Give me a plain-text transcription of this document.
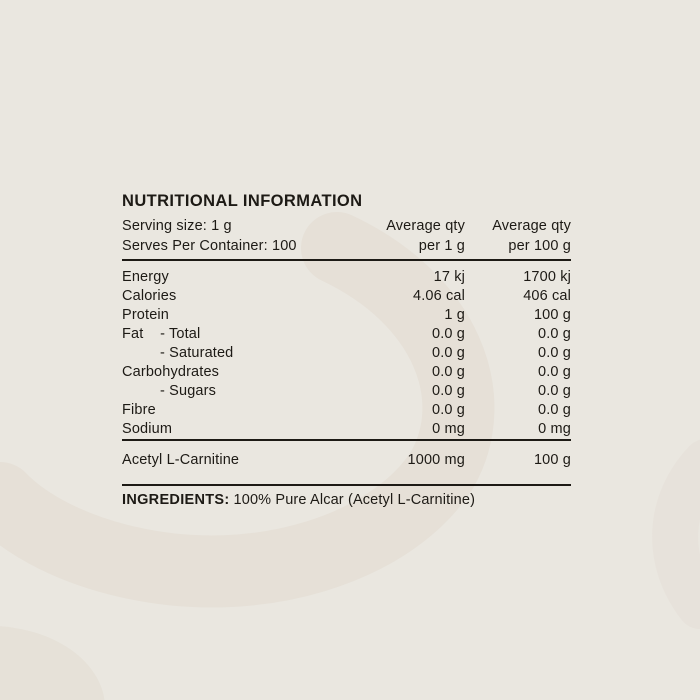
NUTRITIONAL INFORMATION
Serving size: 1 g	Average qty	Average qty
Serves Per Container: 100	per 1 g	per 100 g
Energy	17 kj	1700 kj
Calories	4.06 cal	406 cal
Protein	1 g	100 g
Fat    - Total	0.0 g	0.0 g
- Saturated	0.0 g	0.0 g
Carbohydrates	0.0 g	0.0 g
- Sugars	0.0 g	0.0 g
Fibre	0.0 g	0.0 g
Sodium	0 mg	0 mg
Acetyl L-Carnitine	1000 mg	100 g
INGREDIENTS: 100% Pure Alcar (Acetyl L-Carnitine)
